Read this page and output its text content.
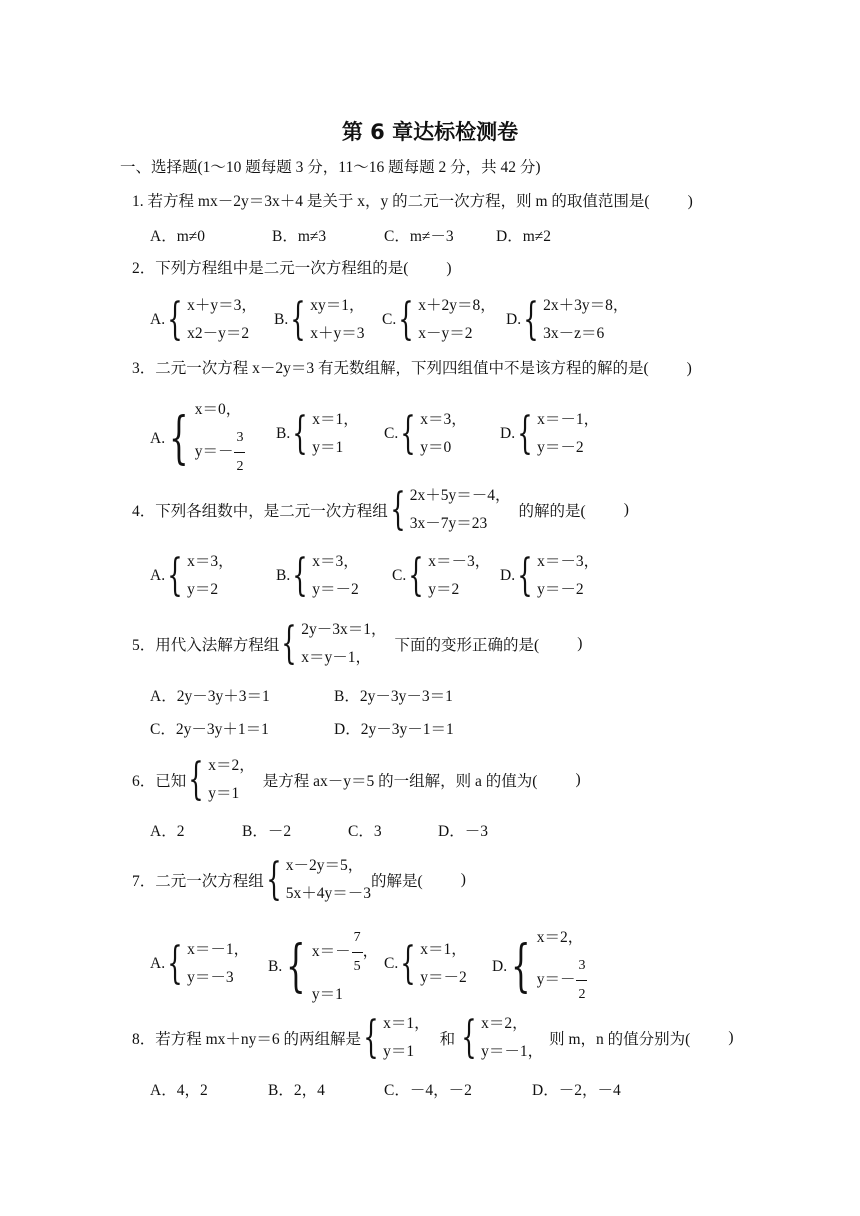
第 6 章达标检测卷
一、选择题(1～10 题每题 3 分，11～16 题每题 2 分，共 42 分)
1. 若方程 mx－2y＝3x＋4 是关于 x，y 的二元一次方程，则 m 的取值范围是( )
A．m≠0	B．m≠3	C．m≠－3	D．m≠2
2．下列方程组中是二元一次方程组的是( )
A. { x＋y＝3，
x2－y＝2
B. { xy＝1，
x＋y＝3
C. { x＋2y＝8，
x－y＝2
D. { 2x＋3y＝8，
3x－z＝6
3．二元一次方程 x－2y＝3 有无数组解，下列四组值中不是该方程的解的是( )
A. { x＝0，
$y=- \frac{3}{2} B$. { x＝1，
y＝1
C. { x＝3，
y＝0
D. { x＝－1，
y＝－2
4．下列各组数中，是二元一次方程组 { 2x＋5y＝－4，
3x－7y＝23
的解的是( )
A. { x＝3，
y＝2
B. { x＝3，
y＝－2
C. { x＝－3，
y＝2
D. { x＝－3，
y＝－2
5．用代入法解方程组 { 2y－3x＝1，
x＝y－1，
下面的变形正确的是( )
A．2y－3y＋3＝1	B．2y－3y－3＝1
C．2y－3y＋1＝1	D．2y－3y－1＝1
6．已知 { x＝2，
y＝1
是方程 ax－y＝5 的一组解，则 a 的值为( )
A．2	B．－2	C．3	D．－3
7．二元一次方程组 { x－2y＝5，
5x＋4y＝－3
的解是( )
A. { x＝－1，
y＝－3
B. { $x=- \frac{7}{5}$ ，
y＝1
C. { x＝1，
y＝－2
D. { x＝2，
$y=- \frac{3}{2}$
8．若方程 mx＋ny＝6 的两组解是 { x＝1，
y＝1
和 { x＝2，
y＝－1，
则 m，n 的值分别为( )
A．4，2	B．2，4	C．－4，－2	D．－2，－4
